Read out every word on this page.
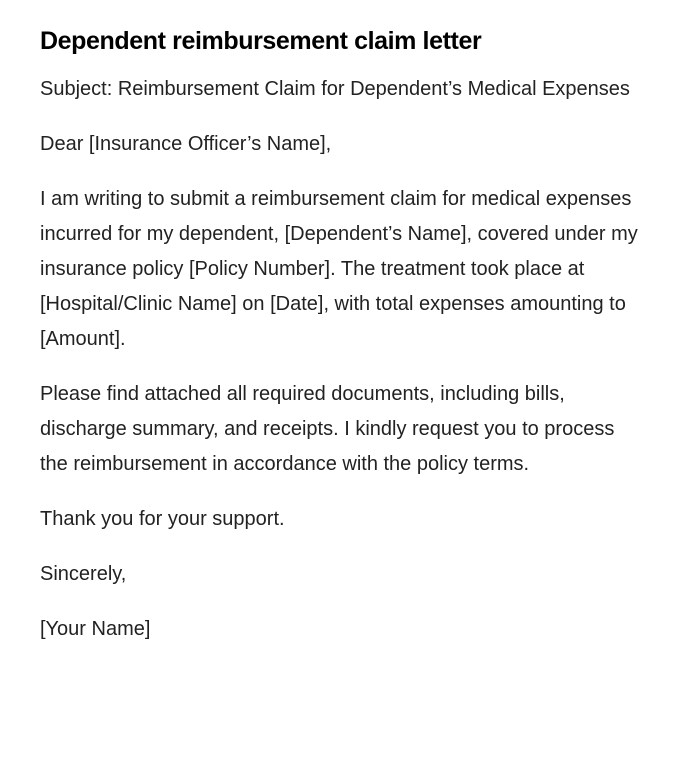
Dependent reimbursement claim letter

Subject: Reimbursement Claim for Dependent’s Medical Expenses

Dear [Insurance Officer’s Name],

I am writing to submit a reimbursement claim for medical expenses incurred for my dependent, [Dependent’s Name], covered under my insurance policy [Policy Number]. The treatment took place at [Hospital/Clinic Name] on [Date], with total expenses amounting to [Amount].

Please find attached all required documents, including bills, discharge summary, and receipts. I kindly request you to process the reimbursement in accordance with the policy terms.

Thank you for your support.

Sincerely,

[Your Name]
